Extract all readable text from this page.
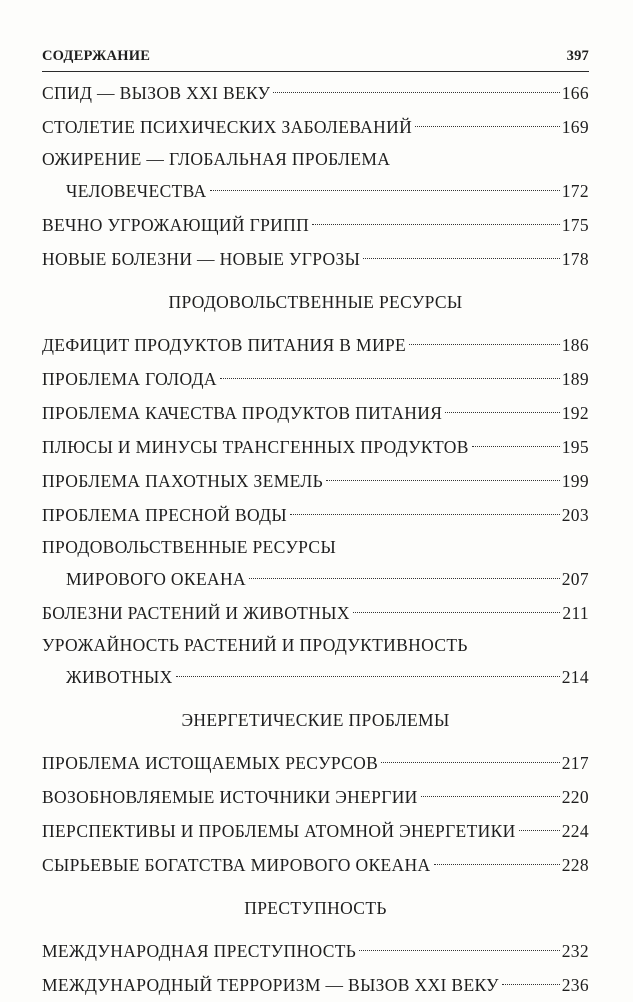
СОДЕРЖАНИЕ	397
СПИД — ВЫЗОВ XXI ВЕКУ	166
СТОЛЕТИЕ ПСИХИЧЕСКИХ ЗАБОЛЕВАНИЙ	169
ОЖИРЕНИЕ — ГЛОБАЛЬНАЯ ПРОБЛЕМА
ЧЕЛОВЕЧЕСТВА	172
ВЕЧНО УГРОЖАЮЩИЙ ГРИПП	175
НОВЫЕ БОЛЕЗНИ — НОВЫЕ УГРОЗЫ	178
ПРОДОВОЛЬСТВЕННЫЕ РЕСУРСЫ
ДЕФИЦИТ ПРОДУКТОВ ПИТАНИЯ В МИРЕ	186
ПРОБЛЕМА ГОЛОДА	189
ПРОБЛЕМА КАЧЕСТВА ПРОДУКТОВ ПИТАНИЯ	192
ПЛЮСЫ И МИНУСЫ ТРАНСГЕННЫХ ПРОДУКТОВ	195
ПРОБЛЕМА ПАХОТНЫХ ЗЕМЕЛЬ	199
ПРОБЛЕМА ПРЕСНОЙ ВОДЫ	203
ПРОДОВОЛЬСТВЕННЫЕ РЕСУРСЫ
МИРОВОГО ОКЕАНА	207
БОЛЕЗНИ РАСТЕНИЙ И ЖИВОТНЫХ	211
УРОЖАЙНОСТЬ РАСТЕНИЙ И ПРОДУКТИВНОСТЬ
ЖИВОТНЫХ	214
ЭНЕРГЕТИЧЕСКИЕ ПРОБЛЕМЫ
ПРОБЛЕМА ИСТОЩАЕМЫХ РЕСУРСОВ	217
ВОЗОБНОВЛЯЕМЫЕ ИСТОЧНИКИ ЭНЕРГИИ	220
ПЕРСПЕКТИВЫ И ПРОБЛЕМЫ АТОМНОЙ ЭНЕРГЕТИКИ	224
СЫРЬЕВЫЕ БОГАТСТВА МИРОВОГО ОКЕАНА	228
ПРЕСТУПНОСТЬ
МЕЖДУНАРОДНАЯ ПРЕСТУПНОСТЬ	232
МЕЖДУНАРОДНЫЙ ТЕРРОРИЗМ — ВЫЗОВ XXI ВЕКУ	236
